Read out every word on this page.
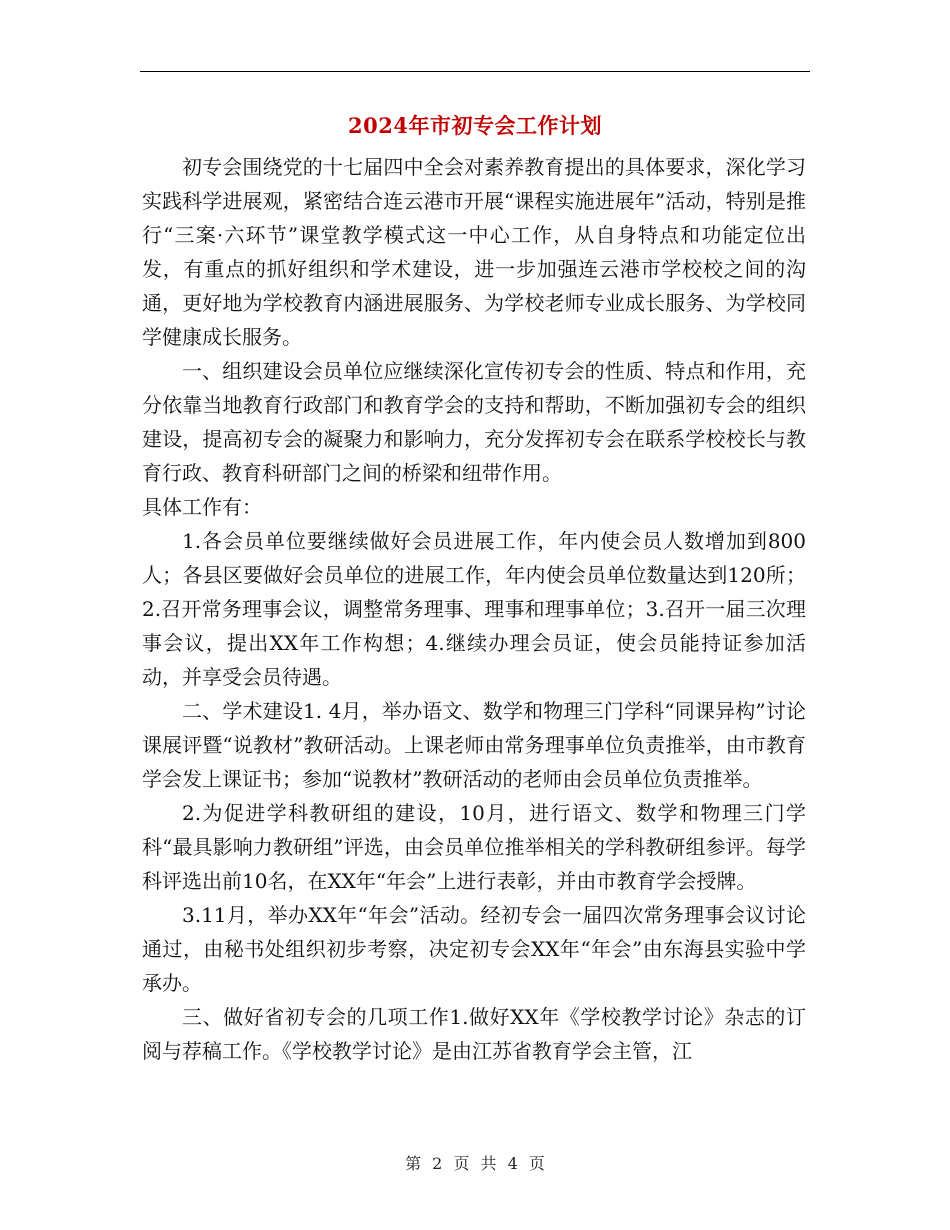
2024年市初专会工作计划

初专会围绕党的十七届四中全会对素养教育提出的具体要求，深化学习实践科学进展观，紧密结合连云港市开展“课程实施进展年”活动，特别是推行“三案·六环节”课堂教学模式这一中心工作，从自身特点和功能定位出发，有重点的抓好组织和学术建设，进一步加强连云港市学校校之间的沟通，更好地为学校教育内涵进展服务、为学校老师专业成长服务、为学校同学健康成长服务。

一、组织建设会员单位应继续深化宣传初专会的性质、特点和作用，充分依靠当地教育行政部门和教育学会的支持和帮助，不断加强初专会的组织建设，提高初专会的凝聚力和影响力，充分发挥初专会在联系学校校长与教育行政、教育科研部门之间的桥梁和纽带作用。

具体工作有：

1.各会员单位要继续做好会员进展工作，年内使会员人数增加到800人；各县区要做好会员单位的进展工作，年内使会员单位数量达到120所；2.召开常务理事会议，调整常务理事、理事和理事单位；3.召开一届三次理事会议，提出XX年工作构想；4.继续办理会员证，使会员能持证参加活动，并享受会员待遇。

二、学术建设1. 4月，举办语文、数学和物理三门学科“同课异构”讨论课展评暨“说教材”教研活动。上课老师由常务理事单位负责推举，由市教育学会发上课证书；参加“说教材”教研活动的老师由会员单位负责推举。

2.为促进学科教研组的建设，10月，进行语文、数学和物理三门学科“最具影响力教研组”评选，由会员单位推举相关的学科教研组参评。每学科评选出前10名，在XX年“年会”上进行表彰，并由市教育学会授牌。

3.11月，举办XX年“年会”活动。经初专会一届四次常务理事会议讨论通过，由秘书处组织初步考察，决定初专会XX年“年会”由东海县实验中学承办。

三、做好省初专会的几项工作1.做好XX年《学校教学讨论》杂志的订阅与荐稿工作。《学校教学讨论》是由江苏省教育学会主管，江

第 2 页 共 4 页
